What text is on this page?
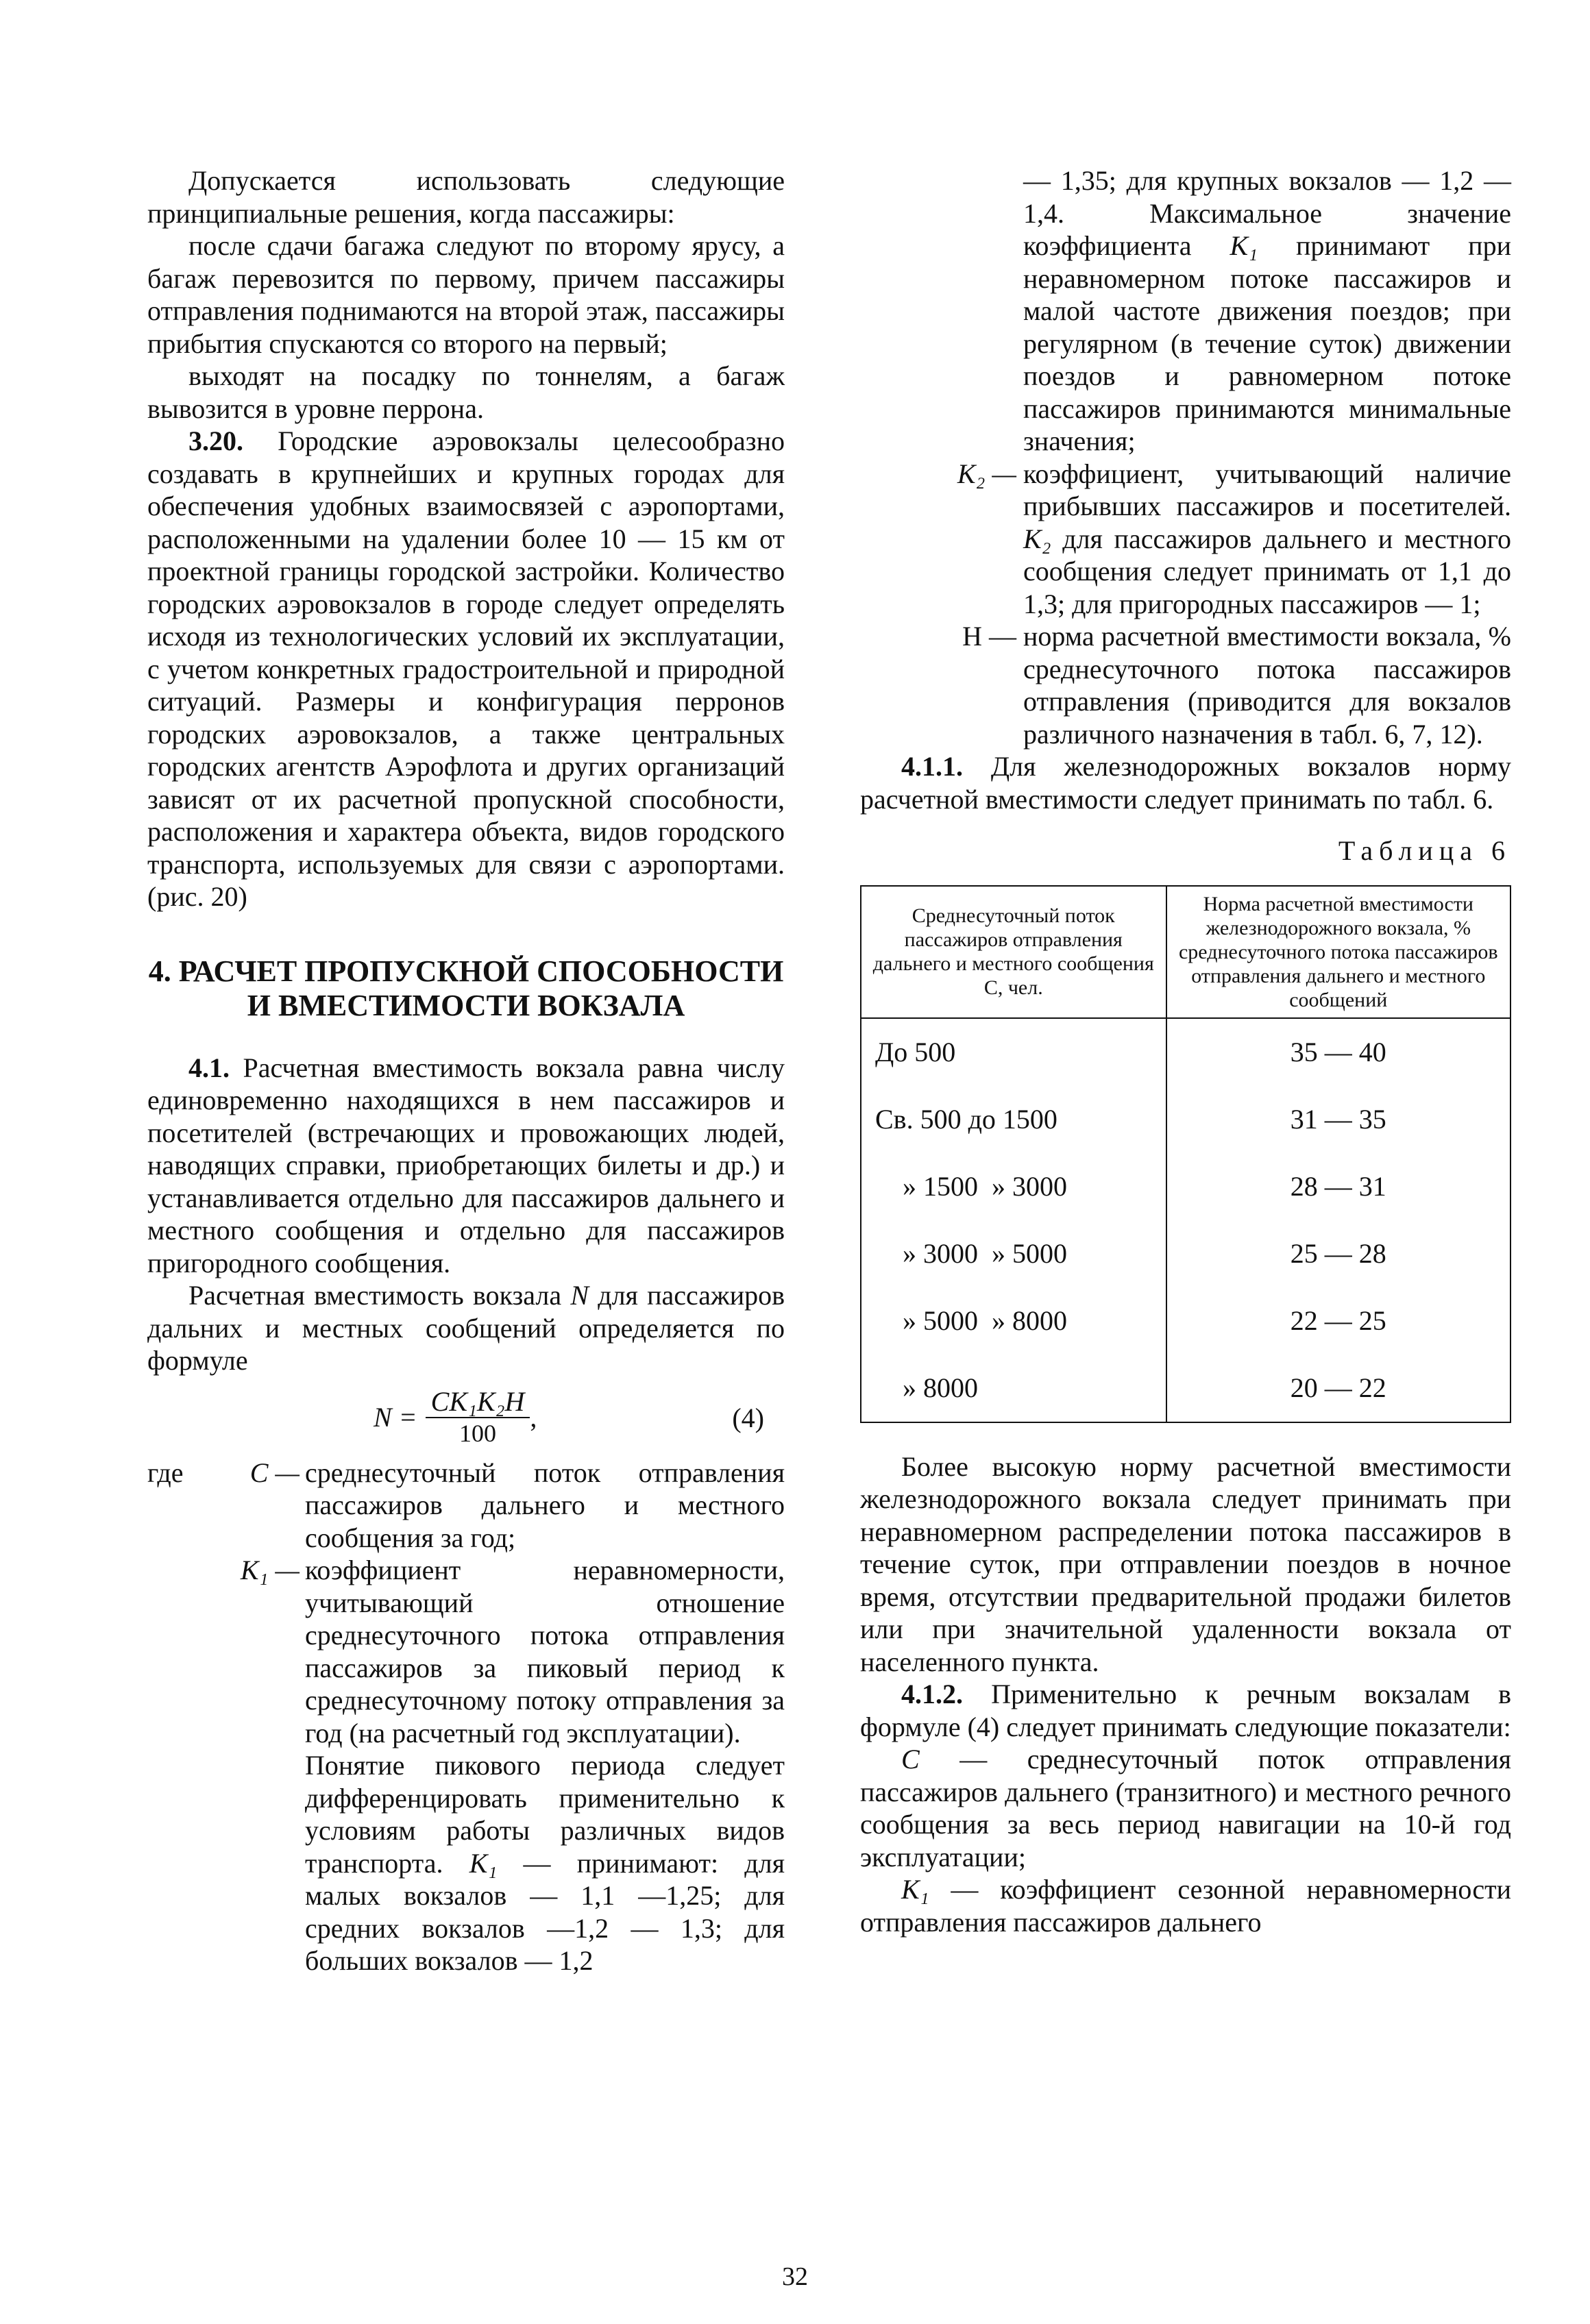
Допускается использовать следующие принципиальные решения, когда пассажиры:

после сдачи багажа следуют по второму ярусу, а багаж перевозится по первому, причем пассажиры отправления поднимаются на второй этаж, пассажиры прибытия спускаются со второго на первый;

выходят на посадку по тоннелям, а багаж вывозится в уровне перрона.

3.20. Городские аэровокзалы целесообразно создавать в крупнейших и крупных городах для обеспечения удобных взаимосвязей с аэропортами, расположенными на удалении более 10 — 15 км от проектной границы городской застройки. Количество городских аэровокзалов в городе следует определять исходя из технологических условий их эксплуатации, с учетом конкретных градостроительной и природной ситуаций. Размеры и конфигурация перронов городских аэровокзалов, а также центральных городских агентств Аэрофлота и других организаций зависят от их расчетной пропускной способности, расположения и характера объекта, видов городского транспорта, используемых для связи с аэропортами. (рис. 20)

4. РАСЧЕТ ПРОПУСКНОЙ СПОСОБНОСТИ И ВМЕСТИМОСТИ ВОКЗАЛА

4.1. Расчетная вместимость вокзала равна числу единовременно находящихся в нем пассажиров и посетителей (встречающих и провожающих людей, наводящих справки, приобретающих билеты и др.) и устанавливается отдельно для пассажиров дальнего и местного сообщения и отдельно для пассажиров пригородного сообщения.

Расчетная вместимость вокзала N для пассажиров дальних и местных сообщений определяется по формуле

$N = \frac{\text{CK₁K₂H}}{100}$ ,	(4)
где	С — среднесуточный поток отправления пассажиров дальнего и местного сообщения за год;

K₁ — коэффициент неравномерности, учитывающий отношение среднесуточного потока отправления пассажиров за пиковый период к среднесуточному потоку отправления за год (на расчетный год эксплуатации).

Понятие пикового периода следует дифференцировать применительно к условиям работы различных видов транспорта. K₁ — принимают: для малых вокзалов — 1,1 —1,25; для средних вокзалов —1,2 — 1,3; для больших вокзалов — 1,2

— 1,35; для крупных вокзалов — 1,2 — 1,4. Максимальное значение коэффициента K₁ принимают при неравномерном потоке пассажиров и малой частоте движения поездов; при регулярном (в течение суток) движении поездов и равномерном потоке пассажиров принимаются минимальные значения;

K₂ — коэффициент, учитывающий наличие прибывших пассажиров и посетителей. K₂ для пассажиров дальнего и местного сообщения следует принимать от 1,1 до 1,3; для пригородных пассажиров — 1;

Н — норма расчетной вместимости вокзала, % среднесуточного потока пассажиров отправления (приводится для вокзалов различного назначения в табл. 6, 7, 12).

4.1.1. Для железнодорожных вокзалов норму расчетной вместимости следует принимать по табл. 6.

Таблица 6
Среднесуточный поток пассажиров отправления дальнего и местного сообщения С, чел.	Норма расчетной вместимости железнодорожного вокзала, % среднесуточного потока пассажиров отправления дальнего и местного сообщений
До 500	35 — 40
Св. 500 до 1500	31 — 35
» 1500  » 3000	28 — 31
» 3000  » 5000	25 — 28
» 5000  » 8000	22 — 25
» 8000	20 — 22

Более высокую норму расчетной вместимости железнодорожного вокзала следует принимать при неравномерном распределении потока пассажиров в течение суток, при отправлении поездов в ночное время, отсутствии предварительной продажи билетов или при значительной удаленности вокзала от населенного пункта.

4.1.2. Применительно к речным вокзалам в формуле (4) следует принимать следующие показатели:

С — среднесуточный поток отправления пассажиров дальнего (транзитного) и местного речного сообщения за весь период навигации на 10-й год эксплуатации;

K₁ — коэффициент сезонной неравномерности отправления пассажиров дальнего

32
